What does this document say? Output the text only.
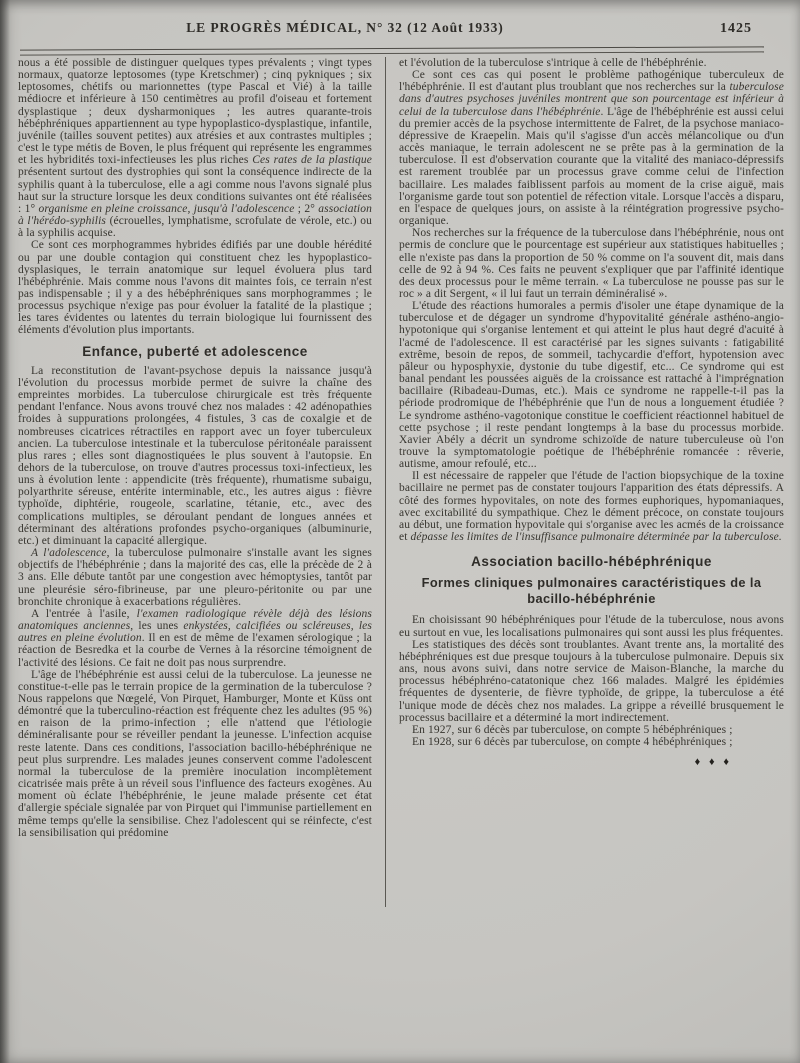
LE PROGRÈS MÉDICAL, N° 32 (12 Août 1933)	1425

nous a été possible de distinguer quelques types prévalents ; vingt types normaux, quatorze leptosomes (type Kretschmer) ; cinq pykniques ; six leptosomes, chétifs ou marionnettes (type Pascal et Vié) à la taille médiocre et inférieure à 150 centimètres au profil d'oiseau et fortement dysplastique ; deux dysharmoniques ; les autres quarante-trois hébéphréniques appartiennent au type hypoplastico-dysplastique, infantile, juvénile (tailles souvent petites) aux atrésies et aux contrastes multiples ; c'est le type métis de Boven, le plus fréquent qui représente les engrammes et les hybridités toxi-infectieuses les plus riches Ces rates de la plastique présentent surtout des dystrophies qui sont la conséquence indirecte de la syphilis quant à la tuberculose, elle a agi comme nous l'avons signalé plus haut sur la structure lorsque les deux conditions suivantes ont été réalisées : 1° organisme en pleine croissance, jusqu'à l'adolescence ; 2° association à l'hérédo-syphilis (écrouelles, lymphatisme, scrofulate de vérole, etc.) ou à la syphilis acquise.

Ce sont ces morphogrammes hybrides édifiés par une double hérédité ou par une double contagion qui constituent chez les hypoplastico-dysplasiques, le terrain anatomique sur lequel évoluera plus tard l'hébéphrénie. Mais comme nous l'avons dit maintes fois, ce terrain n'est pas indispensable ; il y a des hébéphréniques sans morphogrammes ; le processus psychique n'exige pas pour évoluer la fatalité de la plastique ; les tares évidentes ou latentes du terrain biologique lui fournissent des éléments d'évolution plus importants.

Enfance, puberté et adolescence

La reconstitution de l'avant-psychose depuis la naissance jusqu'à l'évolution du processus morbide permet de suivre la chaîne des empreintes morbides. La tuberculose chirurgicale est très fréquente pendant l'enfance. Nous avons trouvé chez nos malades : 42 adénopathies froides à suppurations prolongées, 4 fistules, 3 cas de coxalgie et de nombreuses cicatrices rétractiles en rapport avec un foyer tuberculeux ancien. La tuberculose intestinale et la tuberculose péritonéale paraissent plus rares ; elles sont diagnostiquées le plus souvent à l'autopsie. En dehors de la tuberculose, on trouve d'autres processus toxi-infectieux, les uns à évolution lente : appendicite (très fréquente), rhumatisme subaigu, polyarthrite séreuse, entérite interminable, etc., les autres aigus : fièvre typhoïde, diphtérie, rougeole, scarlatine, tétanie, etc., avec des complications multiples, se déroulant pendant de longues années et déterminant des altérations profondes psycho-organiques (albuminurie, etc.) et diminuant la capacité allergique.

A l'adolescence, la tuberculose pulmonaire s'installe avant les signes objectifs de l'hébéphrénie ; dans la majorité des cas, elle la précède de 2 à 3 ans. Elle débute tantôt par une congestion avec hémoptysies, tantôt par une pleurésie séro-fibrineuse, par une pleuro-péritonite ou par une bronchite chronique à exacerbations régulières.

A l'entrée à l'asile, l'examen radiologique révèle déjà des lésions anatomiques anciennes, les unes enkystées, calcifiées ou scléreuses, les autres en pleine évolution. Il en est de même de l'examen sérologique ; la réaction de Besredka et la courbe de Vernes à la résorcine témoignent de l'activité des lésions. Ce fait ne doit pas nous surprendre.

L'âge de l'hébéphrénie est aussi celui de la tuberculose. La jeunesse ne constitue-t-elle pas le terrain propice de la germination de la tuberculose ? Nous rappelons que Nœgelé, Von Pirquet, Hamburger, Monte et Küss ont démontré que la tuberculino-réaction est fréquente chez les adultes (95 %) en raison de la primo-infection ; elle n'attend que l'étiologie déminéralisante pour se réveiller pendant la jeunesse. L'infection acquise reste latente. Dans ces conditions, l'association bacillo-hébéphrénique ne peut plus surprendre. Les malades jeunes conservent comme l'adolescent normal la tuberculose de la première inoculation incomplètement cicatrisée mais prête à un réveil sous l'influence des facteurs exogènes. Au moment où éclate l'hébéphrénie, le jeune malade présente cet état d'allergie spéciale signalée par von Pirquet qui l'immunise partiellement en même temps qu'elle la sensibilise. Chez l'adolescent qui se réinfecte, c'est la sensibilisation qui prédomine

et l'évolution de la tuberculose s'intrique à celle de l'hébéphrénie.

Ce sont ces cas qui posent le problème pathogénique tuberculeux de l'hébéphrénie. Il est d'autant plus troublant que nos recherches sur la tuberculose dans d'autres psychoses juvéniles montrent que son pourcentage est inférieur à celui de la tuberculose dans l'hébéphrénie. L'âge de l'hébéphrénie est aussi celui du premier accès de la psychose intermittente de Falret, de la psychose maniaco-dépressive de Kraepelin. Mais qu'il s'agisse d'un accès mélancolique ou d'un accès maniaque, le terrain adolescent ne se prête pas à la germination de la tuberculose. Il est d'observation courante que la vitalité des maniaco-dépressifs est rarement troublée par un processus grave comme celui de l'infection bacillaire. Les malades faiblissent parfois au moment de la crise aiguë, mais l'organisme garde tout son potentiel de réfection vitale. Lorsque l'accès a disparu, en l'espace de quelques jours, on assiste à la réintégration progressive psycho-organique.

Nos recherches sur la fréquence de la tuberculose dans l'hébéphrénie, nous ont permis de conclure que le pourcentage est supérieur aux statistiques habituelles ; elle n'existe pas dans la proportion de 50 % comme on l'a souvent dit, mais dans celle de 92 à 94 %. Ces faits ne peuvent s'expliquer que par l'affinité identique des deux processus pour le même terrain. « La tuberculose ne pousse pas sur le roc » a dit Sergent, « il lui faut un terrain déminéralisé ».

L'étude des réactions humorales a permis d'isoler une étape dynamique de la tuberculose et de dégager un syndrome d'hypovitalité générale asthéno-angio-hypotonique qui s'organise lentement et qui atteint le plus haut degré d'acuité à l'acmé de l'adolescence. Il est caractérisé par les signes suivants : fatigabilité extrême, besoin de repos, de sommeil, tachycardie d'effort, hypotension avec pâleur ou hyposphyxie, dystonie du tube digestif, etc... Ce syndrome qui est banal pendant les poussées aiguës de la croissance est rattaché à l'imprégnation bacillaire (Ribadeau-Dumas, etc.). Mais ce syndrome ne rappelle-t-il pas la période prodromique de l'hébéphrénie que l'un de nous a longuement étudiée ? Le syndrome asthéno-vagotonique constitue le coefficient réactionnel habituel de cette psychose ; il reste pendant longtemps à la base du processus morbide. Xavier Abély a décrit un syndrome schizoïde de nature tuberculeuse où l'on trouve la symptomatologie poétique de l'hébéphrénie romancée : rêverie, autisme, amour refoulé, etc...

Il est nécessaire de rappeler que l'étude de l'action biopsychique de la toxine bacillaire ne permet pas de constater toujours l'apparition des états dépressifs. A côté des formes hypovitales, on note des formes euphoriques, hypomaniaques, avec excitabilité du sympathique. Chez le dément précoce, on constate toujours au début, une formation hypovitale qui s'organise avec les acmés de la croissance et dépasse les limites de l'insuffisance pulmonaire déterminée par la tuberculose.

Association bacillo-hébéphrénique
Formes cliniques pulmonaires caractéristiques de la bacillo-hébéphrénie

En choisissant 90 hébéphréniques pour l'étude de la tuberculose, nous avons eu surtout en vue, les localisations pulmonaires qui sont aussi les plus fréquentes.

Les statistiques des décès sont troublantes. Avant trente ans, la mortalité des hébéphréniques est due presque toujours à la tuberculose pulmonaire. Depuis six ans, nous avons suivi, dans notre service de Maison-Blanche, la marche du processus hébéphréno-catatonique chez 166 malades. Malgré les épidémies fréquentes de dysenterie, de fièvre typhoïde, de grippe, la tuberculose a été l'unique mode de décès chez nos malades. La grippe a réveillé brusquement le processus bacillaire et a déterminé la mort indirectement.

En 1927, sur 6 décès par tuberculose, on compte 5 hébéphréniques ;

En 1928, sur 6 décès par tuberculose, on compte 4 hébéphréniques ;

♦ ♦ ♦
